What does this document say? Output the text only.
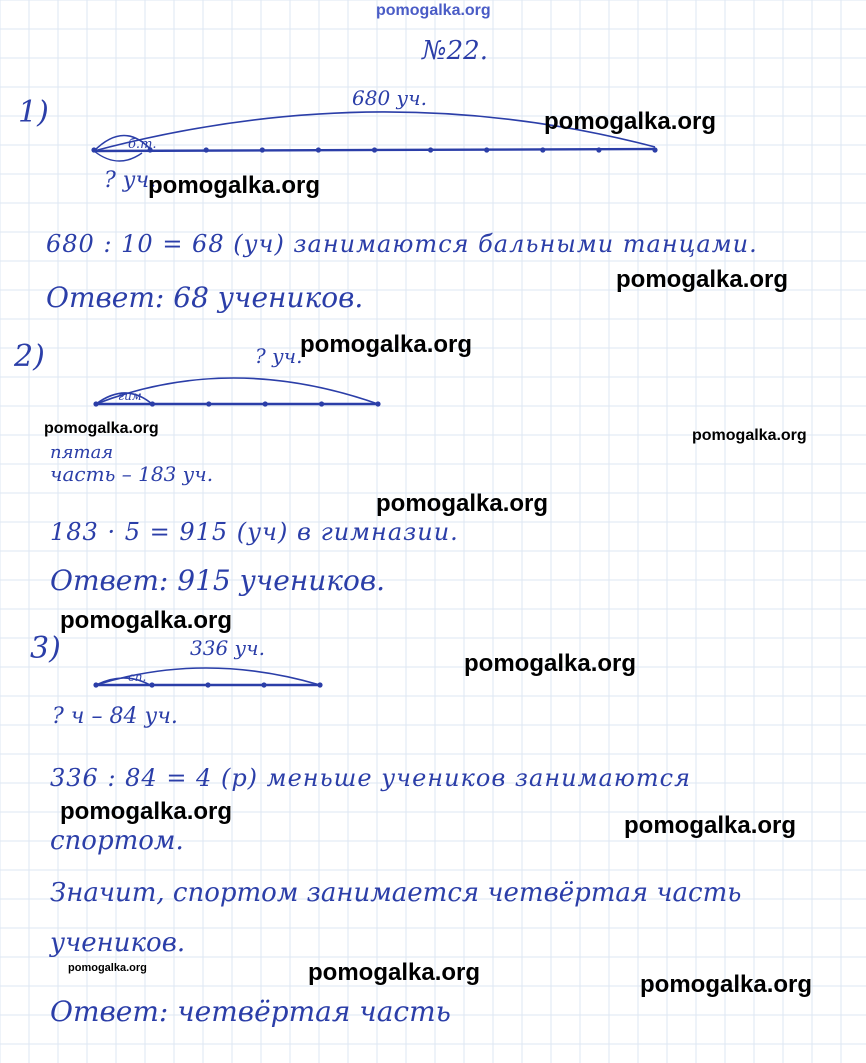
pomogalka.org
№22.
1)	680 уч.
б.т.
? уч.
680 : 10 = 68 (уч) занимаются бальными танцами.
Ответ: 68 учеников.
2)	? уч.
гим
пятая
часть – 183 уч.
183 · 5 = 915 (уч) в гимназии.
Ответ: 915 учеников.
3)	336 уч.
сп.
? ч – 84 уч.
336 : 84 = 4 (р) меньше учеников занимаются
спортом.
Значит, спортом занимается четвёртая часть
учеников.
Ответ: четвёртая часть
pomogalka.org
pomogalka.org
pomogalka.org
pomogalka.org
pomogalka.org	pomogalka.org
pomogalka.org
pomogalka.org
pomogalka.org
pomogalka.org
pomogalka.org
pomogalka.org	pomogalka.org	pomogalka.org
